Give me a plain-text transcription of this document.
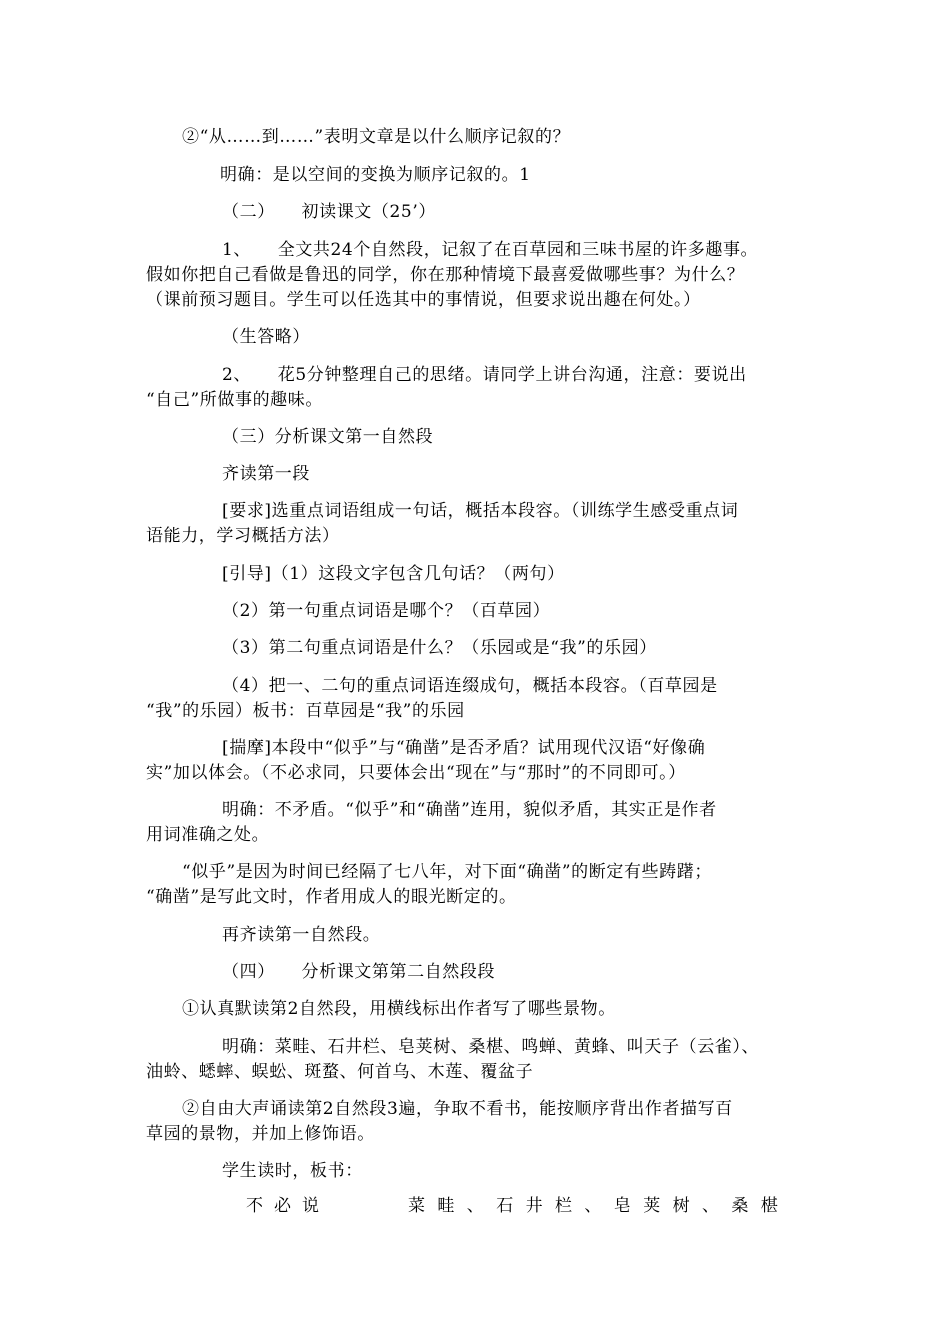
②“从……到……”表明文章是以什么顺序记叙的？
明确：是以空间的变换为顺序记叙的。1
（二）　　初读课文（25’）
1、　　全文共24个自然段，记叙了在百草园和三味书屋的许多趣事。
假如你把自己看做是鲁迅的同学，你在那种情境下最喜爱做哪些事？为什么？
（课前预习题目。学生可以任选其中的事情说，但要求说出趣在何处。）
（生答略）
2、　　花5分钟整理自己的思绪。请同学上讲台沟通，注意：要说出
“自己”所做事的趣味。
（三）分析课文第一自然段
齐读第一段
[要求]选重点词语组成一句话，概括本段容。（训练学生感受重点词
语能力，学习概括方法）
[引导]（1）这段文字包含几句话？（两句）
（2）第一句重点词语是哪个？（百草园）
（3）第二句重点词语是什么？（乐园或是“我”的乐园）
（4）把一、二句的重点词语连缀成句，概括本段容。（百草园是
“我”的乐园）板书：百草园是“我”的乐园
[揣摩]本段中“似乎”与“确凿”是否矛盾？试用现代汉语“好像确
实”加以体会。（不必求同，只要体会出“现在”与“那时”的不同即可。）
明确：不矛盾。“似乎”和“确凿”连用，貌似矛盾，其实正是作者
用词准确之处。
“似乎”是因为时间已经隔了七八年，对下面“确凿”的断定有些踌躇；
“确凿”是写此文时，作者用成人的眼光断定的。
再齐读第一自然段。
（四）　　分析课文第第二自然段段
①认真默读第2自然段，用横线标出作者写了哪些景物。
明确：菜畦、石井栏、皂荚树、桑椹、鸣蝉、黄蜂、叫天子（云雀）、
油蛉、蟋蟀、蜈蚣、斑蝥、何首乌、木莲、覆盆子
②自由大声诵读第2自然段3遍，争取不看书，能按顺序背出作者描写百
草园的景物，并加上修饰语。
学生读时，板书：
不必说	菜畦、石井栏、皂荚树、桑椹
